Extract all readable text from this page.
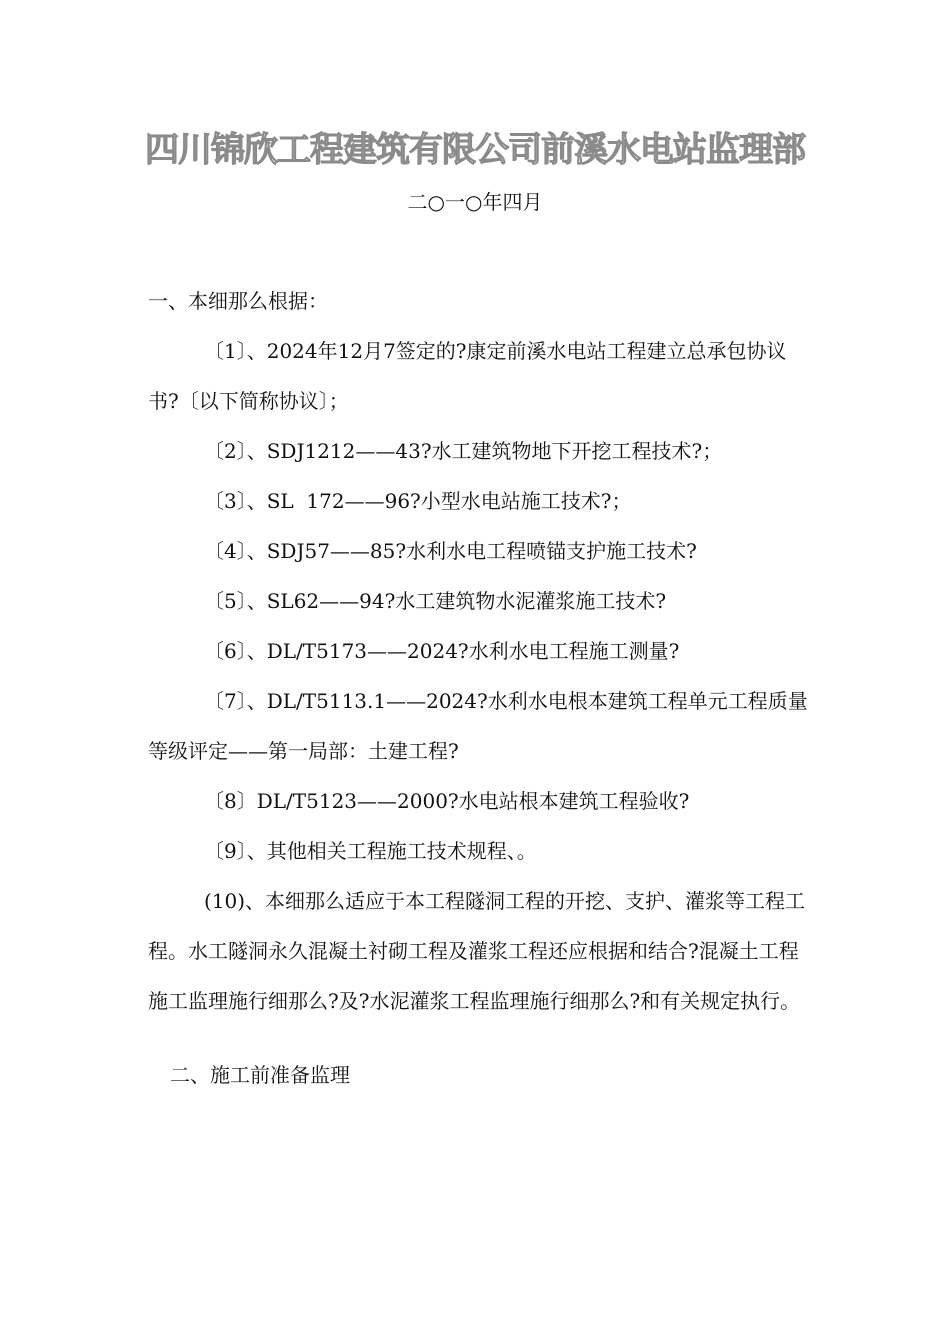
四川锦欣工程建筑有限公司前溪水电站监理部
二○一○年四月

一、本细那么根据：

〔1〕、2024年12月7签定的?康定前溪水电站工程建立总承包协议书?〔以下简称协议〕；

〔2〕、SDJ1212——43?水工建筑物地下开挖工程技术?；

〔3〕、SL  172——96?小型水电站施工技术?；

〔4〕、SDJ57——85?水利水电工程喷锚支护施工技术?

〔5〕、SL62——94?水工建筑物水泥灌浆施工技术?

〔6〕、DL/T5173——2024?水利水电工程施工测量?

〔7〕、DL/T5113.1——2024?水利水电根本建筑工程单元工程质量等级评定——第一局部：土建工程?

〔8〕DL/T5123——2000?水电站根本建筑工程验收?

〔9〕、其他相关工程施工技术规程、。

(10)、本细那么适应于本工程隧洞工程的开挖、支护、灌浆等工程工程。水工隧洞永久混凝土衬砌工程及灌浆工程还应根据和结合?混凝土工程施工监理施行细那么?及?水泥灌浆工程监理施行细那么?和有关规定执行。

二、施工前准备监理
